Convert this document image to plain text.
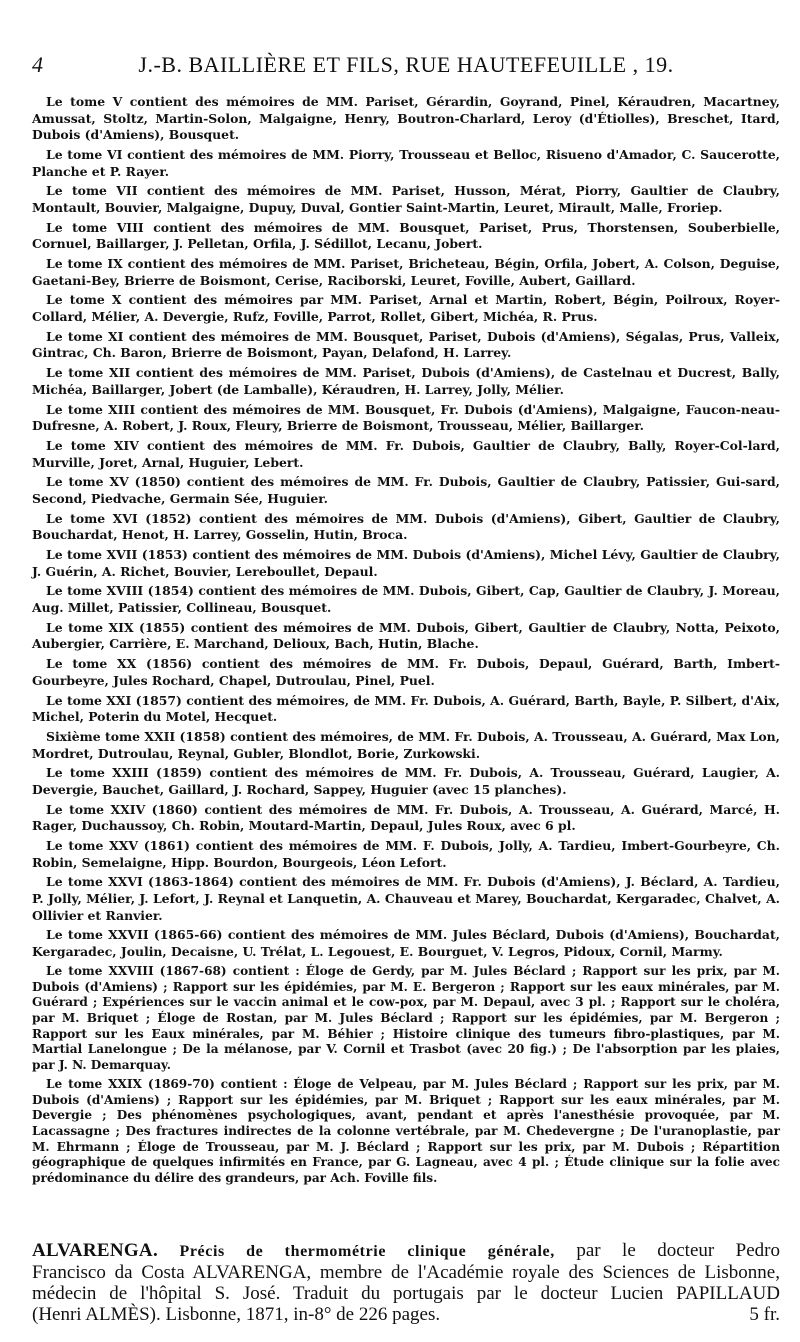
4	J.-B. BAILLIÈRE ET FILS, RUE HAUTEFEUILLE , 19.

Le tome V contient des mémoires de MM. Pariset, Gérardin, Goyrand, Pinel, Kéraudren, Macartney, Amussat, Stoltz, Martin-Solon, Malgaigne, Henry, Boutron-Charlard, Leroy (d'Étiolles), Breschet, Itard, Dubois (d'Amiens), Bousquet.

Le tome VI contient des mémoires de MM. Piorry, Trousseau et Belloc, Risueno d'Amador, C. Saucerotte, Planche et P. Rayer.

Le tome VII contient des mémoires de MM. Pariset, Husson, Mérat, Piorry, Gaultier de Claubry, Montault, Bouvier, Malgaigne, Dupuy, Duval, Gontier Saint-Martin, Leuret, Mirault, Malle, Froriep.

Le tome VIII contient des mémoires de MM. Bousquet, Pariset, Prus, Thorstensen, Souberbielle, Cornuel, Baillarger, J. Pelletan, Orfila, J. Sédillot, Lecanu, Jobert.

Le tome IX contient des mémoires de MM. Pariset, Bricheteau, Bégin, Orfila, Jobert, A. Colson, Deguise, Gaetani-Bey, Brierre de Boismont, Cerise, Raciborski, Leuret, Foville, Aubert, Gaillard.

Le tome X contient des mémoires par MM. Pariset, Arnal et Martin, Robert, Bégin, Poilroux, Royer-Collard, Mélier, A. Devergie, Rufz, Foville, Parrot, Rollet, Gibert, Michéa, R. Prus.

Le tome XI contient des mémoires de MM. Bousquet, Pariset, Dubois (d'Amiens), Ségalas, Prus, Valleix, Gintrac, Ch. Baron, Brierre de Boismont, Payan, Delafond, H. Larrey.

Le tome XII contient des mémoires de MM. Pariset, Dubois (d'Amiens), de Castelnau et Ducrest, Bally, Michéa, Baillarger, Jobert (de Lamballe), Kéraudren, H. Larrey, Jolly, Mélier.

Le tome XIII contient des mémoires de MM. Bousquet, Fr. Dubois (d'Amiens), Malgaigne, Faucon-neau-Dufresne, A. Robert, J. Roux, Fleury, Brierre de Boismont, Trousseau, Mélier, Baillarger.

Le tome XIV contient des mémoires de MM. Fr. Dubois, Gaultier de Claubry, Bally, Royer-Col-lard, Murville, Joret, Arnal, Huguier, Lebert.

Le tome XV (1850) contient des mémoires de MM. Fr. Dubois, Gaultier de Claubry, Patissier, Gui-sard, Second, Piedvache, Germain Sée, Huguier.

Le tome XVI (1852) contient des mémoires de MM. Dubois (d'Amiens), Gibert, Gaultier de Claubry, Bouchardat, Henot, H. Larrey, Gosselin, Hutin, Broca.

Le tome XVII (1853) contient des mémoires de MM. Dubois (d'Amiens), Michel Lévy, Gaultier de Claubry, J. Guérin, A. Richet, Bouvier, Lereboullet, Depaul.

Le tome XVIII (1854) contient des mémoires de MM. Dubois, Gibert, Cap, Gaultier de Claubry, J. Moreau, Aug. Millet, Patissier, Collineau, Bousquet.

Le tome XIX (1855) contient des mémoires de MM. Dubois, Gibert, Gaultier de Claubry, Notta, Peixoto, Aubergier, Carrière, E. Marchand, Delioux, Bach, Hutin, Blache.

Le tome XX (1856) contient des mémoires de MM. Fr. Dubois, Depaul, Guérard, Barth, Imbert-Gourbeyre, Jules Rochard, Chapel, Dutroulau, Pinel, Puel.

Le tome XXI (1857) contient des mémoires, de MM. Fr. Dubois, A. Guérard, Barth, Bayle, P. Silbert, d'Aix, Michel, Poterin du Motel, Hecquet.

Sixième tome XXII (1858) contient des mémoires, de MM. Fr. Dubois, A. Trousseau, A. Guérard, Max Lon, Mordret, Dutroulau, Reynal, Gubler, Blondlot, Borie, Zurkowski.

Le tome XXIII (1859) contient des mémoires de MM. Fr. Dubois, A. Trousseau, Guérard, Laugier, A. Devergie, Bauchet, Gaillard, J. Rochard, Sappey, Huguier (avec 15 planches).

Le tome XXIV (1860) contient des mémoires de MM. Fr. Dubois, A. Trousseau, A. Guérard, Marcé, H. Rager, Duchaussoy, Ch. Robin, Moutard-Martin, Depaul, Jules Roux, avec 6 pl.

Le tome XXV (1861) contient des mémoires de MM. F. Dubois, Jolly, A. Tardieu, Imbert-Gourbeyre, Ch. Robin, Semelaigne, Hipp. Bourdon, Bourgeois, Léon Lefort.

Le tome XXVI (1863-1864) contient des mémoires de MM. Fr. Dubois (d'Amiens), J. Béclard, A. Tardieu, P. Jolly, Mélier, J. Lefort, J. Reynal et Lanquetin, A. Chauveau et Marey, Bouchardat, Kergaradec, Chalvet, A. Ollivier et Ranvier.

Le tome XXVII (1865-66) contient des mémoires de MM. Jules Béclard, Dubois (d'Amiens), Bouchardat, Kergaradec, Joulin, Decaisne, U. Trélat, L. Legouest, E. Bourguet, V. Legros, Pidoux, Cornil, Marmy.

Le tome XXVIII (1867-68) contient : Éloge de Gerdy, par M. Jules Béclard ; Rapport sur les prix, par M. Dubois (d'Amiens) ; Rapport sur les épidémies, par M. E. Bergeron ; Rapport sur les eaux minérales, par M. Guérard ; Expériences sur le vaccin animal et le cow-pox, par M. Depaul, avec 3 pl. ; Rapport sur le choléra, par M. Briquet ; Éloge de Rostan, par M. Jules Béclard ; Rapport sur les épidémies, par M. Bergeron ; Rapport sur les Eaux minérales, par M. Béhier ; Histoire clinique des tumeurs fibro-plastiques, par M. Martial Lanelongue ; De la mélanose, par V. Cornil et Trasbot (avec 20 fig.) ; De l'absorption par les plaies, par J. N. Demarquay.

Le tome XXIX (1869-70) contient : Éloge de Velpeau, par M. Jules Béclard ; Rapport sur les prix, par M. Dubois (d'Amiens) ; Rapport sur les épidémies, par M. Briquet ; Rapport sur les eaux minérales, par M. Devergie ; Des phénomènes psychologiques, avant, pendant et après l'anesthésie provoquée, par M. Lacassagne ; Des fractures indirectes de la colonne vertébrale, par M. Chedevergne ; De l'uranoplastie, par M. Ehrmann ; Éloge de Trousseau, par M. J. Béclard ; Rapport sur les prix, par M. Dubois ; Répartition géographique de quelques infirmités en France, par G. Lagneau, avec 4 pl. ; Étude clinique sur la folie avec prédominance du délire des grandeurs, par Ach. Foville fils.

ALVARENGA. Précis de thermométrie clinique générale, par le docteur Pedro
Francisco da Costa ALVARENGA, membre de l'Académie royale des Sciences de Lisbonne,
médecin de l'hôpital S. José. Traduit du portugais par le docteur Lucien PAPILLAUD
(Henri ALMÈS). Lisbonne, 1871, in-8° de 226 pages.	5 fr.
